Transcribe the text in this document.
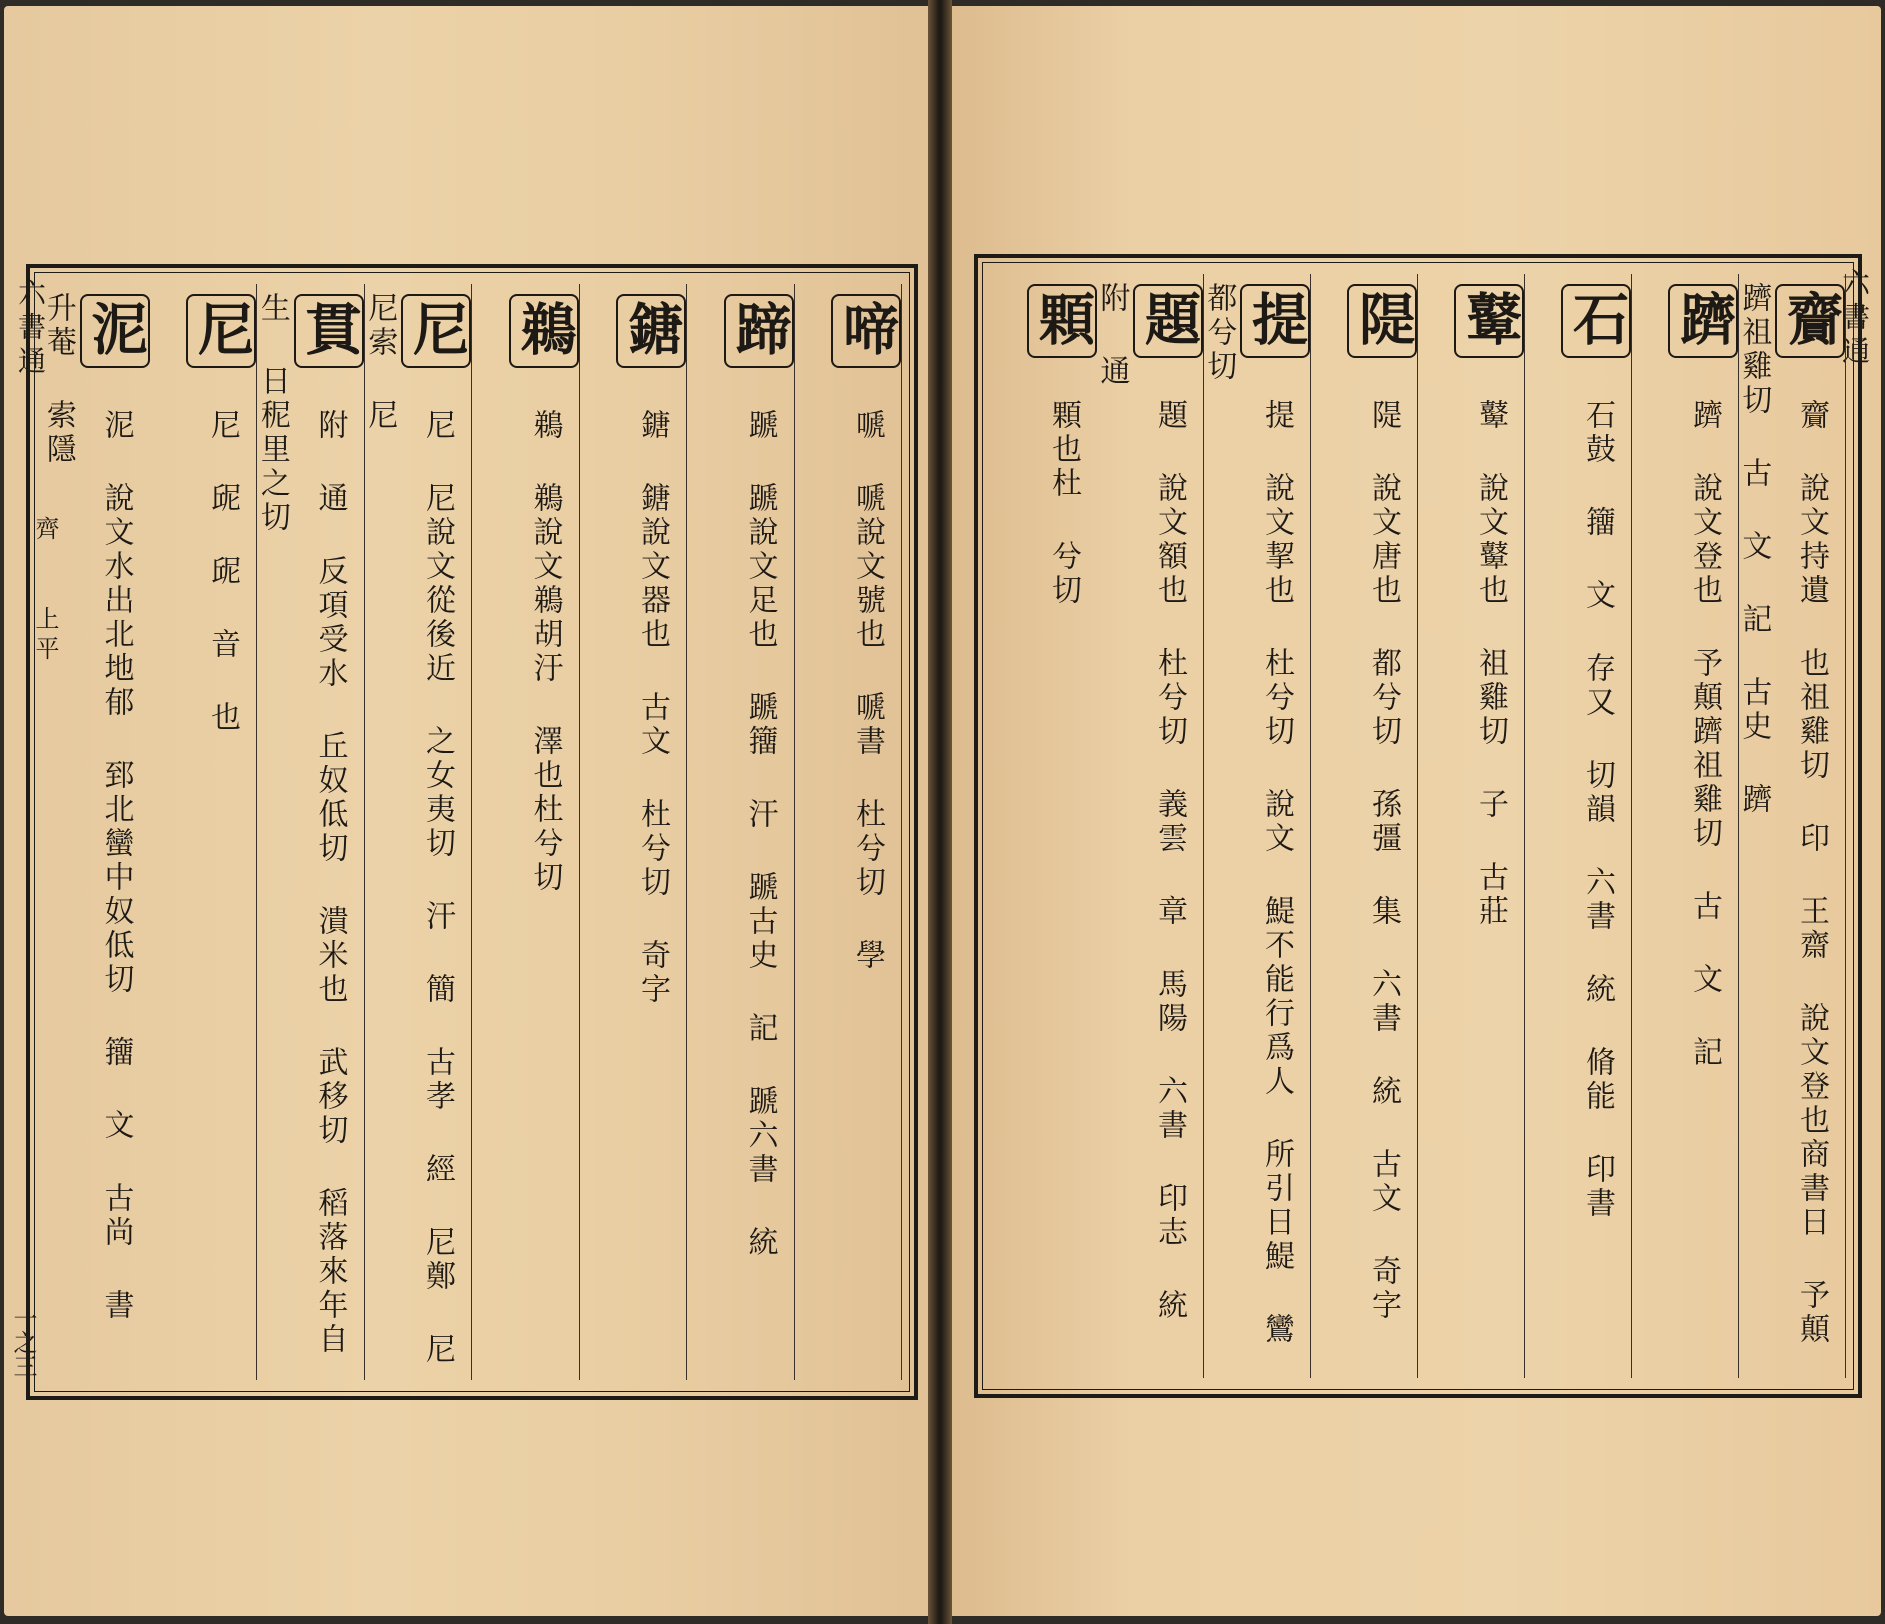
六書通
齊
上平
一之三
啼 嗁 嗁說文號也 嗁書 杜兮切 學
蹄 蹏 蹏說文足也 蹏籒 汗 蹏古史 記 蹏六書 統
鎕 鎕 鎕說文器也 古文 杜兮切 奇字
鵜 鵜 鵜說文鵜胡汙 澤也杜兮切
尼 尼 尼說文從後近 之女夷切 汗 簡 古孝 經 尼鄭 尼 尼索 尼
貫 附 通 反項受水 丘奴低切 潰米也 武移切 稻落來年自生 日秜里之切
尼 尼 屔 屔 音 也
泥 泥 說文水出北地郁 郅北蠻中奴低切 籒 文 古尚 書 升菴 索隱	六書通
齎 齎 說文持遺 也祖雞切 印 王齋 說文登也商書日 予顛躋祖雞切 古 文 記 古史 躋
躋 躋 說文登也 予顛躋祖雞切 古 文 記
石 石鼓 籒 文 存又 切韻 六書 統 脩能 印書
鼙 鼙 說文鼙也 祖雞切 子 古莊
隄 隄 說文唐也 都兮切 孫彊 集 六書 統 古文 奇字
提 提 說文挈也 杜兮切 說文 鯷不能行爲人 所引日鯷 鸞都兮切
題 題 說文額也 杜兮切 義雲 章 馬陽 六書 印志 統 附 通
顆 顆也杜 兮切
